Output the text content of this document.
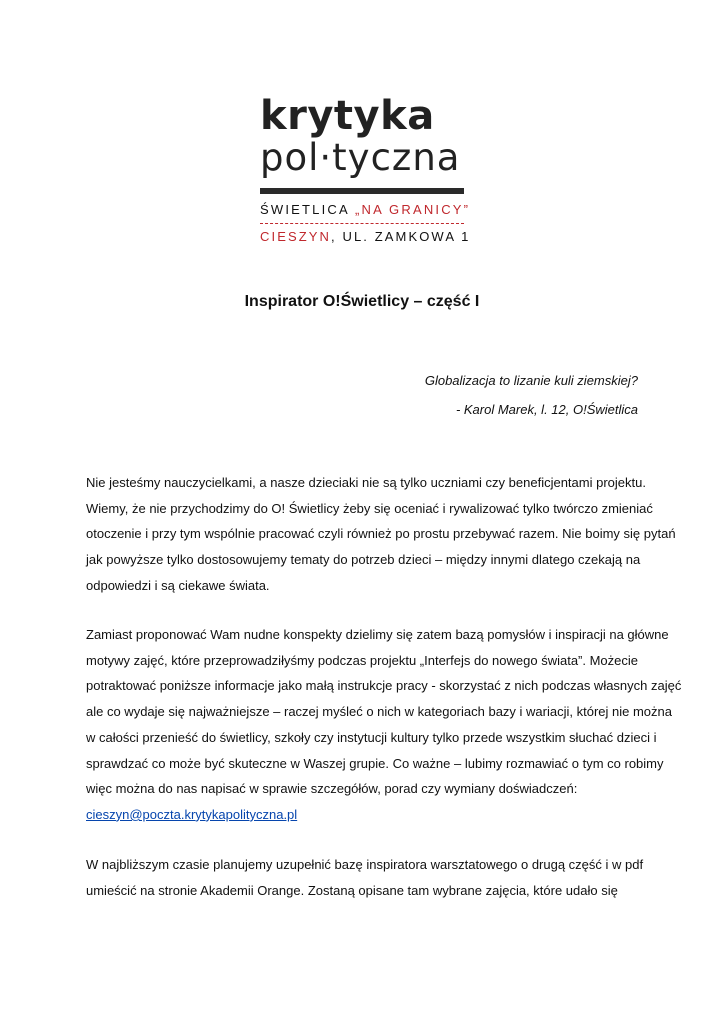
krytyka
pol·tyczna
ŚWIETLICA „NA GRANICY”
CIESZYN, UL. ZAMKOWA 1
Inspirator O!Świetlicy – część I
Globalizacja to lizanie kuli ziemskiej?
- Karol Marek, l. 12, O!Świetlica
Nie jesteśmy nauczycielkami, a nasze dzieciaki nie są tylko uczniami czy beneficjentami projektu.
Wiemy, że nie przychodzimy do O! Świetlicy żeby się oceniać i rywalizować tylko twórczo zmieniać
otoczenie i przy tym wspólnie pracować czyli również po prostu przebywać razem. Nie boimy się pytań
jak powyższe tylko dostosowujemy tematy do potrzeb dzieci – między innymi dlatego czekają na
odpowiedzi i są ciekawe świata.
Zamiast proponować Wam nudne konspekty dzielimy się zatem bazą pomysłów i inspiracji na główne
motywy zajęć, które przeprowadziłyśmy podczas projektu „Interfejs do nowego świata”. Możecie
potraktować poniższe informacje jako małą instrukcje pracy - skorzystać z nich podczas własnych zajęć
ale co wydaje się najważniejsze – raczej myśleć o nich w kategoriach bazy i wariacji, której nie można
w całości przenieść do świetlicy, szkoły czy instytucji kultury tylko przede wszystkim słuchać dzieci i
sprawdzać co może być skuteczne w Waszej grupie. Co ważne – lubimy rozmawiać o tym co robimy
więc można do nas napisać w sprawie szczegółów, porad czy wymiany doświadczeń:
cieszyn@poczta.krytykapolityczna.pl
W najbliższym czasie planujemy uzupełnić bazę inspiratora warsztatowego o drugą część i w pdf
umieścić na stronie Akademii Orange. Zostaną opisane tam wybrane zajęcia, które udało się
